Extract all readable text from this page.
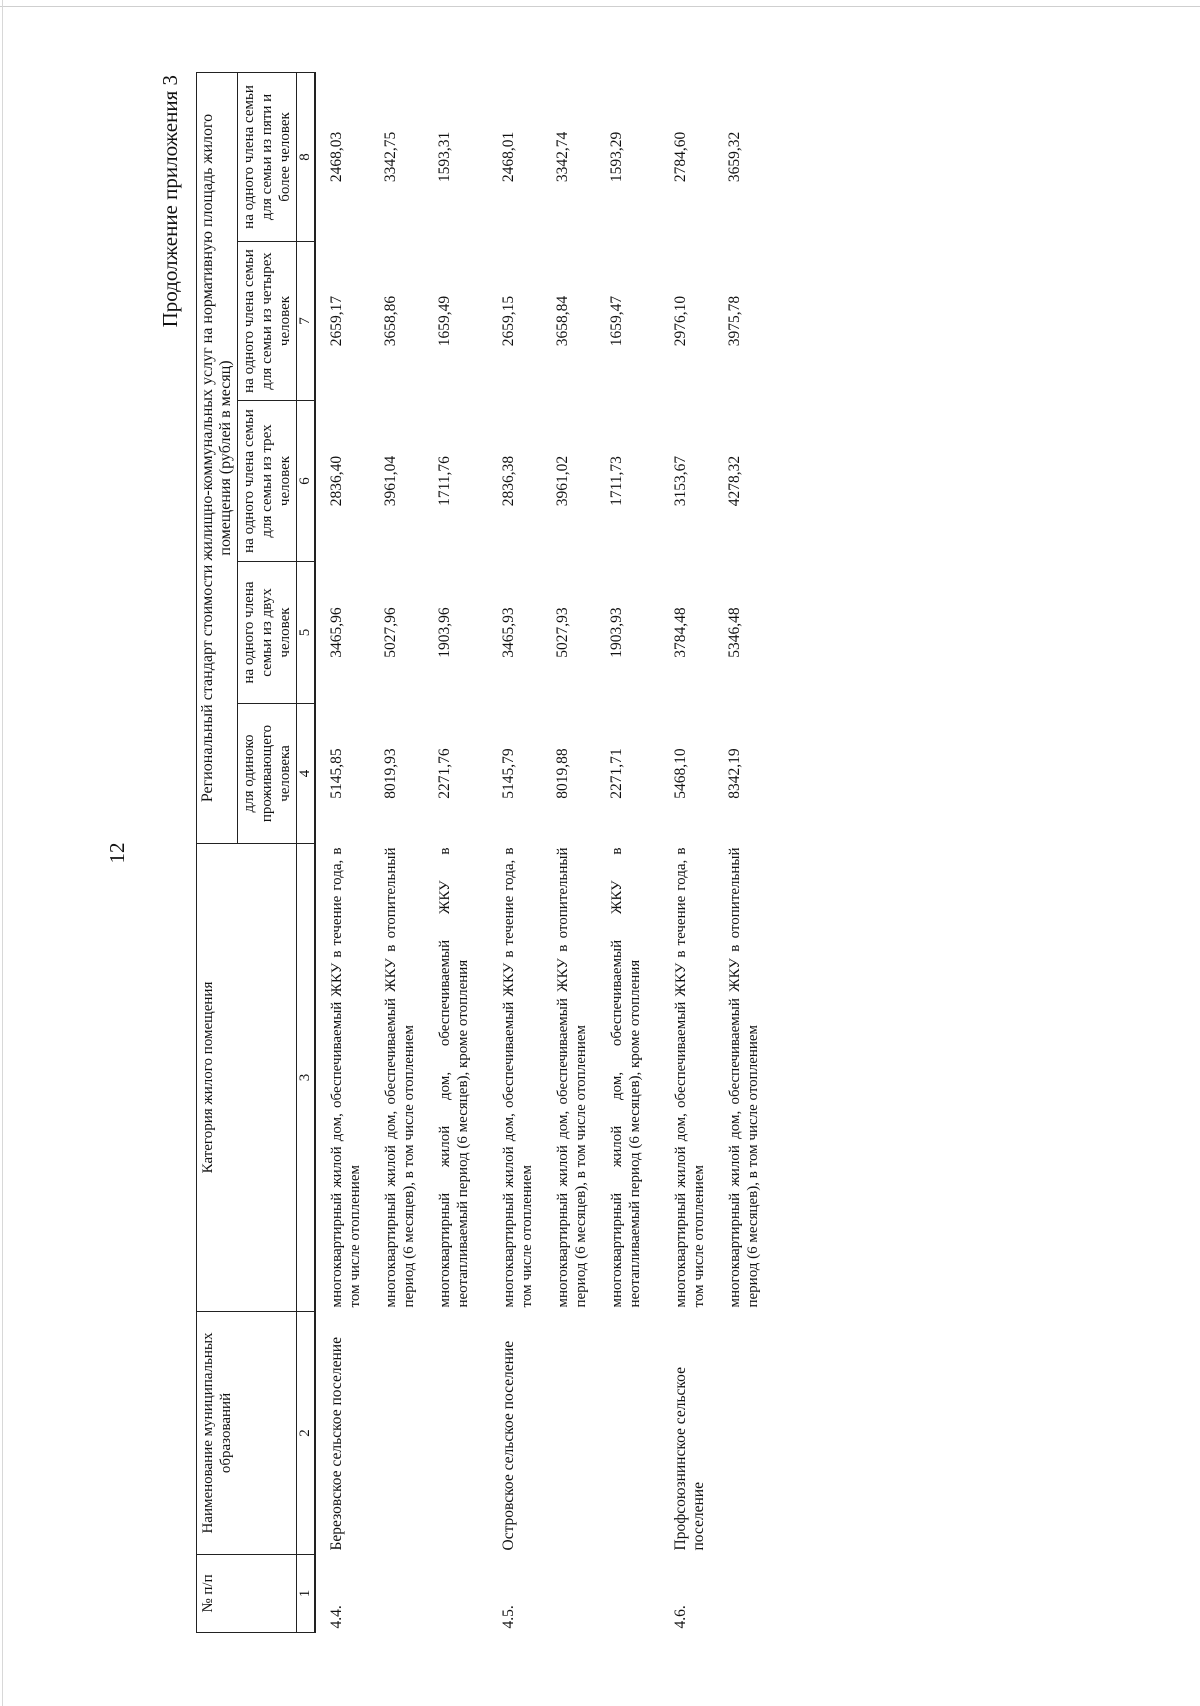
12
Продолжение приложения 3
№ п/п	Наименование муниципальных образований	Категория жилого помещения	Региональный стандарт стоимости жилищно-коммунальных услуг на нормативную площадь жилого помещения (рублей в месяц)				
			для одиноко проживающего человека	на одного члена семьи из двух человек	на одного члена семьи для семьи из трех человек	на одного члена семьи для семьи из четырех человек	на одного члена семьи для семьи из пяти и более человек
1	2	3	4	5	6	7	8
4.4.	Березовское сельское поселение	многоквартирный жилой дом, обеспечиваемый ЖКУ в течение года, в том числе отоплением	5145,85	3465,96	2836,40	2659,17	2468,03
		многоквартирный жилой дом, обеспечиваемый ЖКУ в отопительный период (6 месяцев), в том числе отоплением	8019,93	5027,96	3961,04	3658,86	3342,75
		многоквартирный жилой дом, обеспечиваемый ЖКУ в неотапливаемый период (6 месяцев), кроме отопления	2271,76	1903,96	1711,76	1659,49	1593,31
4.5.	Островское сельское поселение	многоквартирный жилой дом, обеспечиваемый ЖКУ в течение года, в том числе отоплением	5145,79	3465,93	2836,38	2659,15	2468,01
		многоквартирный жилой дом, обеспечиваемый ЖКУ в отопительный период (6 месяцев), в том числе отоплением	8019,88	5027,93	3961,02	3658,84	3342,74
		многоквартирный жилой дом, обеспечиваемый ЖКУ в неотапливаемый период (6 месяцев), кроме отопления	2271,71	1903,93	1711,73	1659,47	1593,29
4.6.	Профсоюзнинское сельское поселение	многоквартирный жилой дом, обеспечиваемый ЖКУ в течение года, в том числе отоплением	5468,10	3784,48	3153,67	2976,10	2784,60
		многоквартирный жилой дом, обеспечиваемый ЖКУ в отопительный период (6 месяцев), в том числе отоплением	8342,19	5346,48	4278,32	3975,78	3659,32
